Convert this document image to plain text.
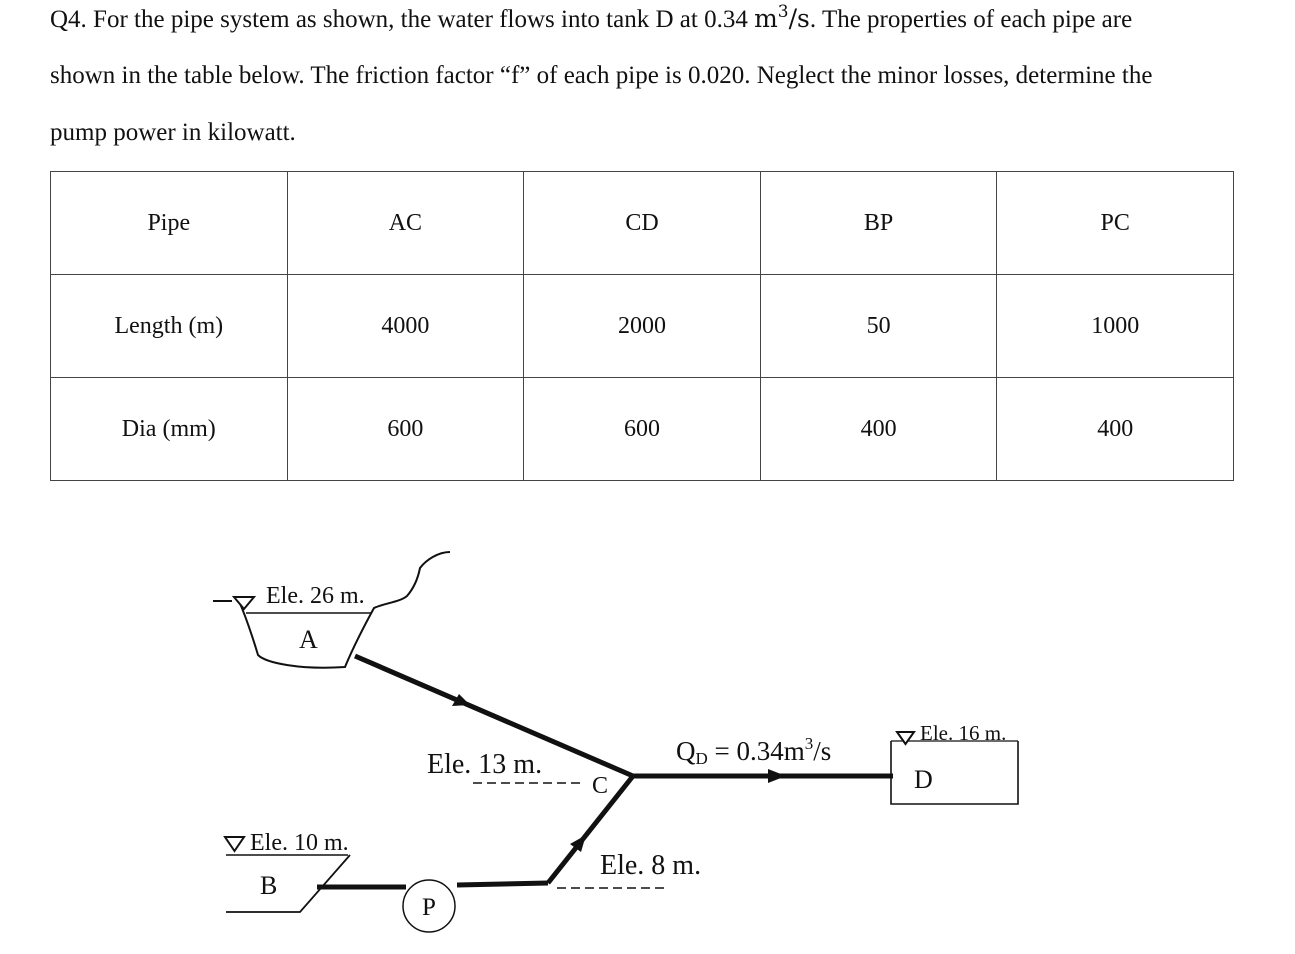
Q4. For the pipe system as shown, the water flows into tank D at 0.34 $m^3/s$. The properties of each pipe are
shown in the table below. The friction factor “f” of each pipe is 0.020. Neglect the minor losses, determine the
pump power in kilowatt.
Pipe	AC	CD	BP	PC
Length (m)	4000	2000	50	1000
Dia (mm)	600	600	400	400
Ele. 26 m.
A
Ele. 13 m.
C
QD = $0.34m^3/s$
Ele. 16 m.
D
Ele. 10 m.
B
Ele. 8 m.
P
